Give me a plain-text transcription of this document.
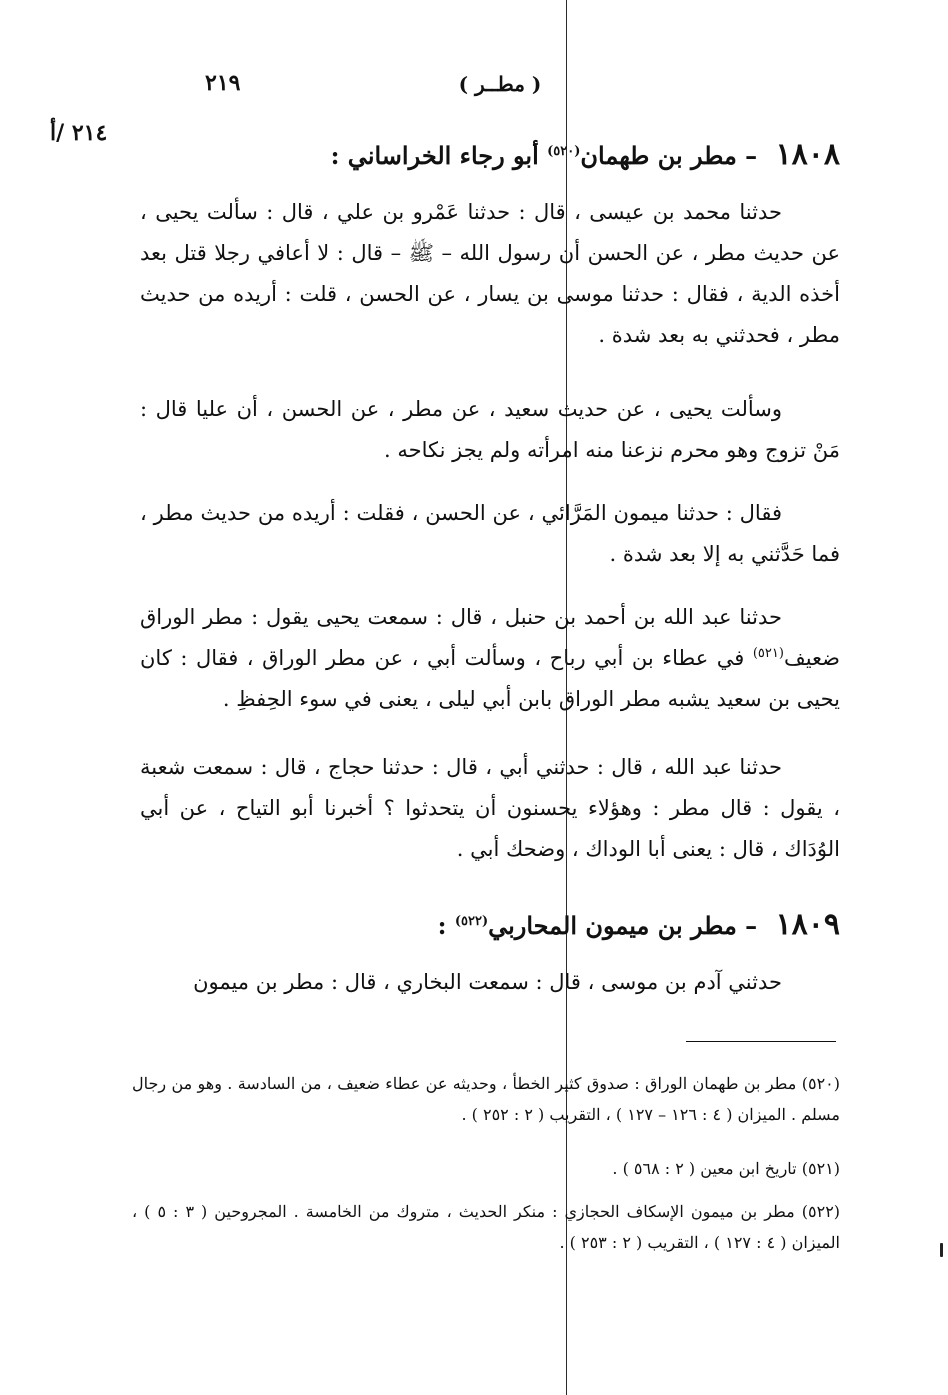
٢١٩	( مطــر )
٢١٤ /أ
١٨٠٨ – مطر بن طهمان$^{(٥٢٠)}$ أبو رجاء الخراساني :
حدثنا محمد بن عيسى ، قال : حدثنا عَمْرو بن علي ، قال : سألت يحيى ، عن حديث مطر ، عن الحسن أن رسول الله – ﷺ – قال : لا أعافي رجلا قتل بعد أخذه الدية ، فقال : حدثنا موسى بن يسار ، عن الحسن ، قلت : أريده من حديث مطر ، فحدثني به بعد شدة .
وسألت يحيى ، عن حديث سعيد ، عن مطر ، عن الحسن ، أن عليا قال : مَنْ تزوج وهو محرم نزعنا منه امرأته ولم يجز نكاحه .
فقال : حدثنا ميمون المَرَّائي ، عن الحسن ، فقلت : أريده من حديث مطر ، فما حَدَّثني به إلا بعد شدة .
حدثنا عبد الله بن أحمد بن حنبل ، قال : سمعت يحيى يقول : مطر الوراق ضعيف$^{(٥٢١)}$ في عطاء بن أبي رباح ، وسألت أبي ، عن مطر الوراق ، فقال : كان يحيى بن سعيد يشبه مطر الوراق بابن أبي ليلى ، يعنى في سوء الحِفظِ .
حدثنا عبد الله ، قال : حدثني أبي ، قال : حدثنا حجاج ، قال : سمعت شعبة ، يقول : قال مطر : وهؤلاء يحسنون أن يتحدثوا ؟ أخبرنا أبو التياح ، عن أبي الوُدَاك ، قال : يعنى أبا الوداك ، وضحك أبي .
١٨٠٩ – مطر بن ميمون المحاربي$^{(٥٢٢)}$ :
حدثني آدم بن موسى ، قال : سمعت البخاري ، قال : مطر بن ميمون
(٥٢٠) مطر بن طهمان الوراق : صدوق كثير الخطأ ، وحديثه عن عطاء ضعيف ، من السادسة . وهو من رجال مسلم . الميزان ( ٤ : ١٢٦ – ١٢٧ ) ، التقريب ( ٢ : ٢٥٢ ) .
(٥٢١) تاريخ ابن معين ( ٢ : ٥٦٨ ) .
(٥٢٢) مطر بن ميمون الإسكاف الحجازي : منكر الحديث ، متروك من الخامسة . المجروحين ( ٣ : ٥ ) ، الميزان ( ٤ : ١٢٧ ) ، التقريب ( ٢ : ٢٥٣ ) .
